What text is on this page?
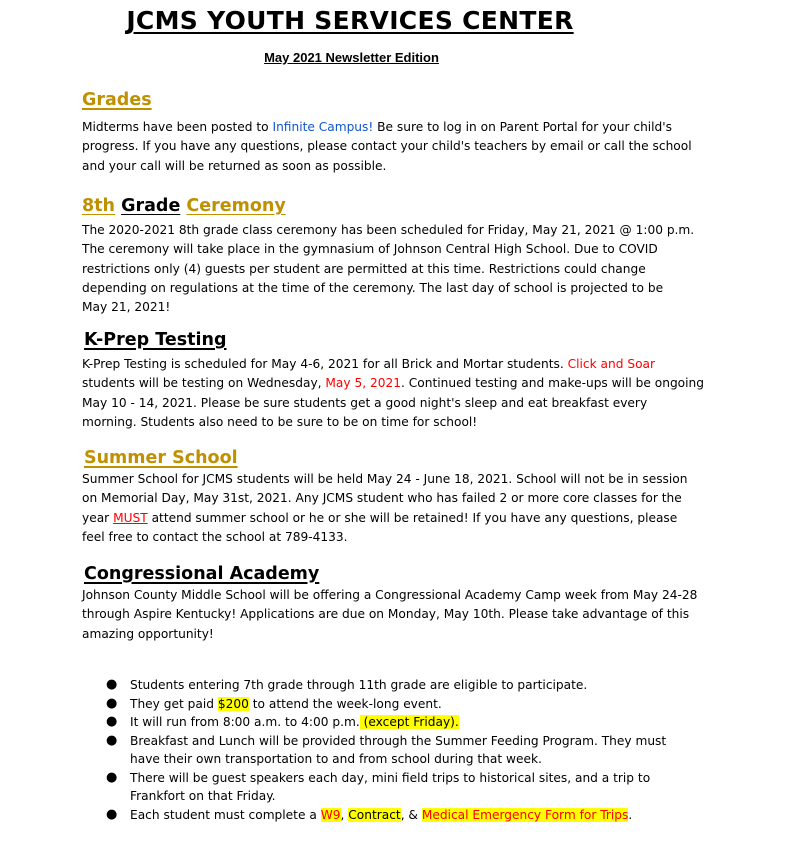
JCMS YOUTH SERVICES CENTER
May 2021 Newsletter Edition
Grades
Midterms have been posted to Infinite Campus! Be sure to log in on Parent Portal for your child's
progress. If you have any questions, please contact your child's teachers by email or call the school
and your call will be returned as soon as possible.
8th Grade Ceremony
The 2020-2021 8th grade class ceremony has been scheduled for Friday, May 21, 2021 @ 1:00 p.m.
The ceremony will take place in the gymnasium of Johnson Central High School. Due to COVID
restrictions only (4) guests per student are permitted at this time. Restrictions could change
depending on regulations at the time of the ceremony. The last day of school is projected to be
May 21, 2021!
K-Prep Testing
K-Prep Testing is scheduled for May 4-6, 2021 for all Brick and Mortar students. Click and Soar
students will be testing on Wednesday, May 5, 2021. Continued testing and make-ups will be ongoing
May 10 - 14, 2021. Please be sure students get a good night's sleep and eat breakfast every
morning. Students also need to be sure to be on time for school!
Summer School
Summer School for JCMS students will be held May 24 - June 18, 2021. School will not be in session
on Memorial Day, May 31st, 2021. Any JCMS student who has failed 2 or more core classes for the
year MUST attend summer school or he or she will be retained! If you have any questions, please
feel free to contact the school at 789-4133.
Congressional Academy
Johnson County Middle School will be offering a Congressional Academy Camp week from May 24-28
through Aspire Kentucky! Applications are due on Monday, May 10th. Please take advantage of this
amazing opportunity!
● Students entering 7th grade through 11th grade are eligible to participate.
● They get paid $200 to attend the week-long event.
● It will run from 8:00 a.m. to 4:00 p.m. (except Friday).
● Breakfast and Lunch will be provided through the Summer Feeding Program. They must
have their own transportation to and from school during that week.
● There will be guest speakers each day, mini field trips to historical sites, and a trip to
Frankfort on that Friday.
● Each student must complete a W9, Contract, & Medical Emergency Form for Trips.
